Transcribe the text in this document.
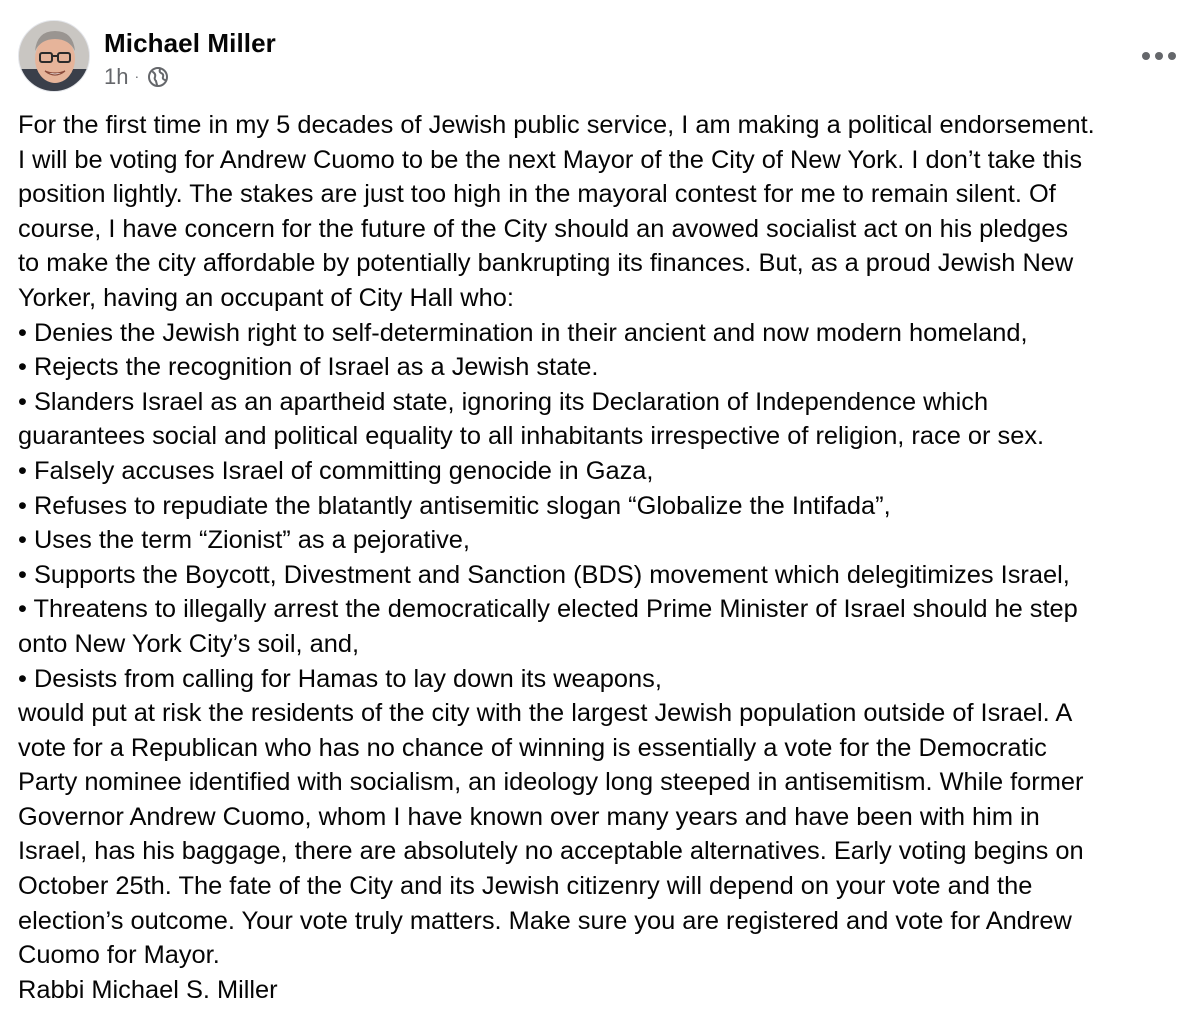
Michael Miller
1h ·
For the first time in my 5 decades of Jewish public service, I am making a political endorsement.
I will be voting for Andrew Cuomo to be the next Mayor of the City of New York. I don’t take this
position lightly. The stakes are just too high in the mayoral contest for me to remain silent. Of
course, I have concern for the future of the City should an avowed socialist act on his pledges
to make the city affordable by potentially bankrupting its finances. But, as a proud Jewish New
Yorker, having an occupant of City Hall who:
• Denies the Jewish right to self-determination in their ancient and now modern homeland,
• Rejects the recognition of Israel as a Jewish state.
• Slanders Israel as an apartheid state, ignoring its Declaration of Independence which
guarantees social and political equality to all inhabitants irrespective of religion, race or sex.
• Falsely accuses Israel of committing genocide in Gaza,
• Refuses to repudiate the blatantly antisemitic slogan “Globalize the Intifada”,
• Uses the term “Zionist” as a pejorative,
• Supports the Boycott, Divestment and Sanction (BDS) movement which delegitimizes Israel,
• Threatens to illegally arrest the democratically elected Prime Minister of Israel should he step
onto New York City’s soil, and,
• Desists from calling for Hamas to lay down its weapons,
would put at risk the residents of the city with the largest Jewish population outside of Israel. A
vote for a Republican who has no chance of winning is essentially a vote for the Democratic
Party nominee identified with socialism, an ideology long steeped in antisemitism. While former
Governor Andrew Cuomo, whom I have known over many years and have been with him in
Israel, has his baggage, there are absolutely no acceptable alternatives. Early voting begins on
October 25th. The fate of the City and its Jewish citizenry will depend on your vote and the
election’s outcome. Your vote truly matters. Make sure you are registered and vote for Andrew
Cuomo for Mayor.
Rabbi Michael S. Miller
